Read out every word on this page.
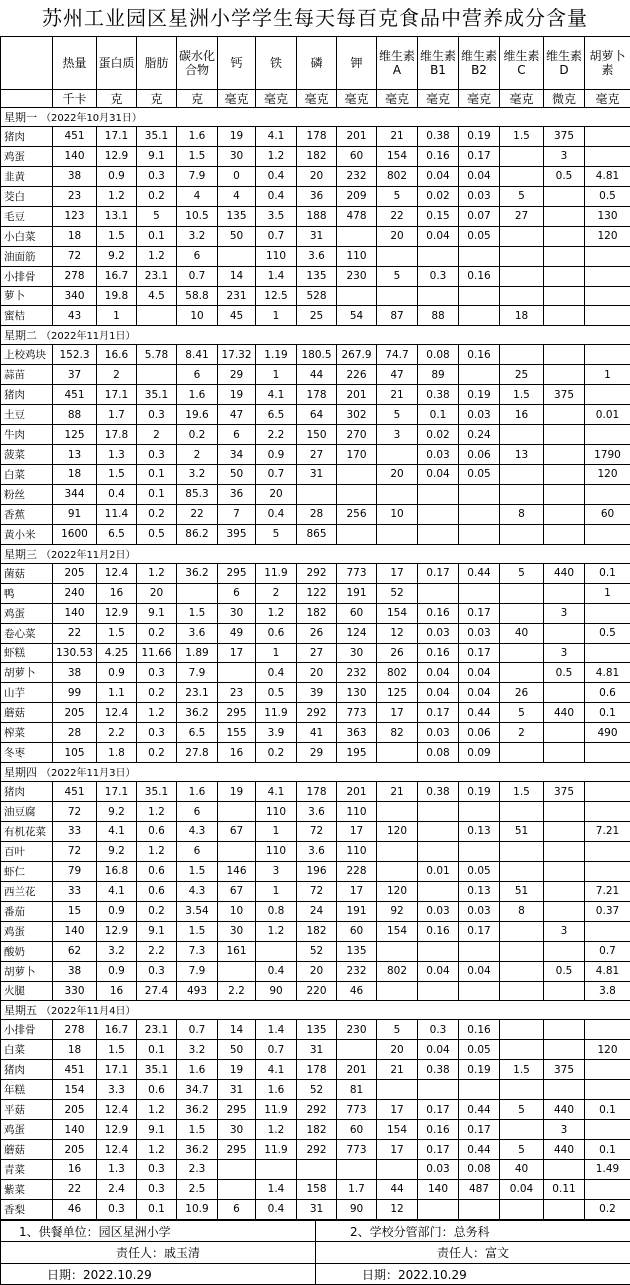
苏州工业园区星洲小学学生每天每百克食品中营养成分含量
	热量	蛋白质	脂肪	碳水化合物	钙	铁	磷	钾	维生素A	维生素B1	维生素B2	维生素C	维生素D	胡萝卜素
	千卡	克	克	克	毫克	毫克	毫克	毫克	毫克	毫克	毫克	毫克	微克	毫克
星期一 （2022年10月31日）														
猪肉	451	17.1	35.1	1.6	19	4.1	178	201	21	0.38	0.19	1.5	375	
鸡蛋	140	12.9	9.1	1.5	30	1.2	182	60	154	0.16	0.17		3	
韭黄	38	0.9	0.3	7.9	0	0.4	20	232	802	0.04	0.04		0.5	4.81
茭白	23	1.2	0.2	4	4	0.4	36	209	5	0.02	0.03	5		0.5
毛豆	123	13.1	5	10.5	135	3.5	188	478	22	0.15	0.07	27		130
小白菜	18	1.5	0.1	3.2	50	0.7	31		20	0.04	0.05			120
油面筋	72	9.2	1.2	6		110	3.6	110						
小排骨	278	16.7	23.1	0.7	14	1.4	135	230	5	0.3	0.16			
萝卜	340	19.8	4.5	58.8	231	12.5	528							
蜜桔	43	1		10	45	1	25	54	87	88		18		
星期二 （2022年11月1日）														
上校鸡块	152.3	16.6	5.78	8.41	17.32	1.19	180.5	267.9	74.7	0.08	0.16			
蒜苗	37	2		6	29	1	44	226	47	89		25		1
猪肉	451	17.1	35.1	1.6	19	4.1	178	201	21	0.38	0.19	1.5	375	
土豆	88	1.7	0.3	19.6	47	6.5	64	302	5	0.1	0.03	16		0.01
牛肉	125	17.8	2	0.2	6	2.2	150	270	3	0.02	0.24			
菠菜	13	1.3	0.3	2	34	0.9	27	170		0.03	0.06	13		1790
白菜	18	1.5	0.1	3.2	50	0.7	31		20	0.04	0.05			120
粉丝	344	0.4	0.1	85.3	36	20								
香蕉	91	11.4	0.2	22	7	0.4	28	256	10			8		60
黄小米	1600	6.5	0.5	86.2	395	5	865							
星期三 （2022年11月2日）														
菌菇	205	12.4	1.2	36.2	295	11.9	292	773	17	0.17	0.44	5	440	0.1
鸭	240	16	20		6	2	122	191	52					1
鸡蛋	140	12.9	9.1	1.5	30	1.2	182	60	154	0.16	0.17		3	
卷心菜	22	1.5	0.2	3.6	49	0.6	26	124	12	0.03	0.03	40		0.5
虾糕	130.53	4.25	11.66	1.89	17	1	27	30	26	0.16	0.17		3	
胡萝卜	38	0.9	0.3	7.9		0.4	20	232	802	0.04	0.04		0.5	4.81
山芋	99	1.1	0.2	23.1	23	0.5	39	130	125	0.04	0.04	26		0.6
蘑菇	205	12.4	1.2	36.2	295	11.9	292	773	17	0.17	0.44	5	440	0.1
榨菜	28	2.2	0.3	6.5	155	3.9	41	363	82	0.03	0.06	2		490
冬枣	105	1.8	0.2	27.8	16	0.2	29	195		0.08	0.09			
星期四 （2022年11月3日）														
猪肉	451	17.1	35.1	1.6	19	4.1	178	201	21	0.38	0.19	1.5	375	
油豆腐	72	9.2	1.2	6		110	3.6	110						
有机花菜	33	4.1	0.6	4.3	67	1	72	17	120		0.13	51		7.21
百叶	72	9.2	1.2	6		110	3.6	110						
虾仁	79	16.8	0.6	1.5	146	3	196	228		0.01	0.05			
西兰花	33	4.1	0.6	4.3	67	1	72	17	120		0.13	51		7.21
番茄	15	0.9	0.2	3.54	10	0.8	24	191	92	0.03	0.03	8		0.37
鸡蛋	140	12.9	9.1	1.5	30	1.2	182	60	154	0.16	0.17		3	
酸奶	62	3.2	2.2	7.3	161		52	135						0.7
胡萝卜	38	0.9	0.3	7.9		0.4	20	232	802	0.04	0.04		0.5	4.81
火腿	330	16	27.4	493	2.2	90	220	46						3.8
星期五 （2022年11月4日）														
小排骨	278	16.7	23.1	0.7	14	1.4	135	230	5	0.3	0.16			
白菜	18	1.5	0.1	3.2	50	0.7	31		20	0.04	0.05			120
猪肉	451	17.1	35.1	1.6	19	4.1	178	201	21	0.38	0.19	1.5	375	
年糕	154	3.3	0.6	34.7	31	1.6	52	81						
平菇	205	12.4	1.2	36.2	295	11.9	292	773	17	0.17	0.44	5	440	0.1
鸡蛋	140	12.9	9.1	1.5	30	1.2	182	60	154	0.16	0.17		3	
蘑菇	205	12.4	1.2	36.2	295	11.9	292	773	17	0.17	0.44	5	440	0.1
青菜	16	1.3	0.3	2.3						0.03	0.08	40		1.49
紫菜	22	2.4	0.3	2.5		1.4	158	1.7	44	140	487	0.04	0.11	
香梨	46	0.3	0.1	10.9	6	0.4	31	90	12					0.2
1、供餐单位：园区星洲小学	2、学校分管部门：总务科
责任人：戚玉清	责任人：富文
日期：2022.10.29	日期：2022.10.29
